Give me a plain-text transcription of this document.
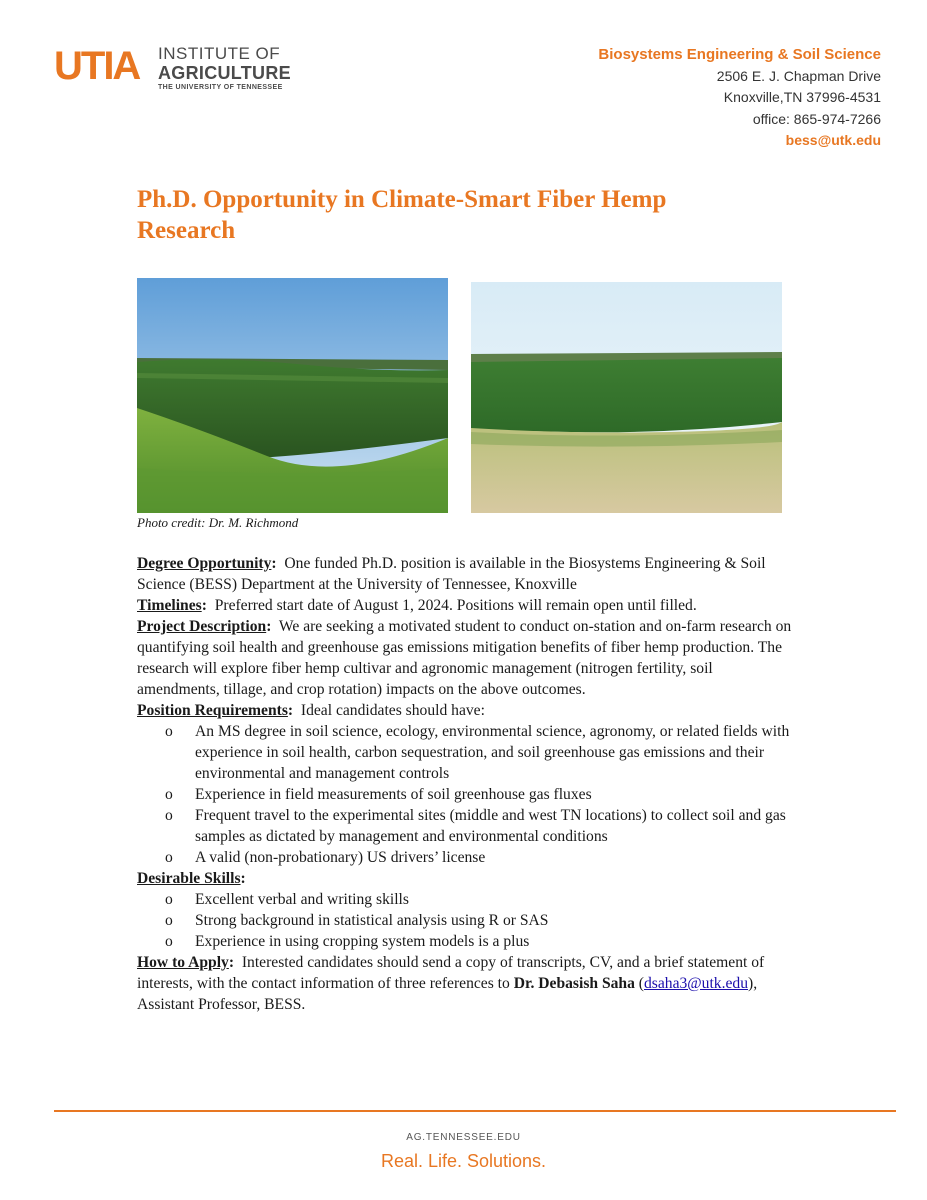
UTIA INSTITUTE OF
AGRICULTURE
THE UNIVERSITY OF TENNESSEE
Biosystems Engineering & Soil Science
2506 E. J. Chapman Drive
Knoxville,TN 37996-4531
office: 865-974-7266
bess@utk.edu
Ph.D. Opportunity in Climate-Smart Fiber Hemp Research
Photo credit: Dr. M. Richmond

Degree Opportunity: One funded Ph.D. position is available in the Biosystems Engineering & Soil Science (BESS) Department at the University of Tennessee, Knoxville

Timelines: Preferred start date of August 1, 2024. Positions will remain open until filled.

Project Description: We are seeking a motivated student to conduct on-station and on-farm research on quantifying soil health and greenhouse gas emissions mitigation benefits of fiber hemp production. The research will explore fiber hemp cultivar and agronomic management (nitrogen fertility, soil amendments, tillage, and crop rotation) impacts on the above outcomes.

Position Requirements: Ideal candidates should have:

o An MS degree in soil science, ecology, environmental science, agronomy, or related fields with experience in soil health, carbon sequestration, and soil greenhouse gas emissions and their environmental and management controls
o Experience in field measurements of soil greenhouse gas fluxes
o Frequent travel to the experimental sites (middle and west TN locations) to collect soil and gas samples as dictated by management and environmental conditions
o A valid (non-probationary) US drivers’ license

Desirable Skills:

o Excellent verbal and writing skills
o Strong background in statistical analysis using R or SAS
o Experience in using cropping system models is a plus

How to Apply: Interested candidates should send a copy of transcripts, CV, and a brief statement of interests, with the contact information of three references to Dr. Debasish Saha (dsaha3@utk.edu), Assistant Professor, BESS.

AG.TENNESSEE.EDU
Real. Life. Solutions.
